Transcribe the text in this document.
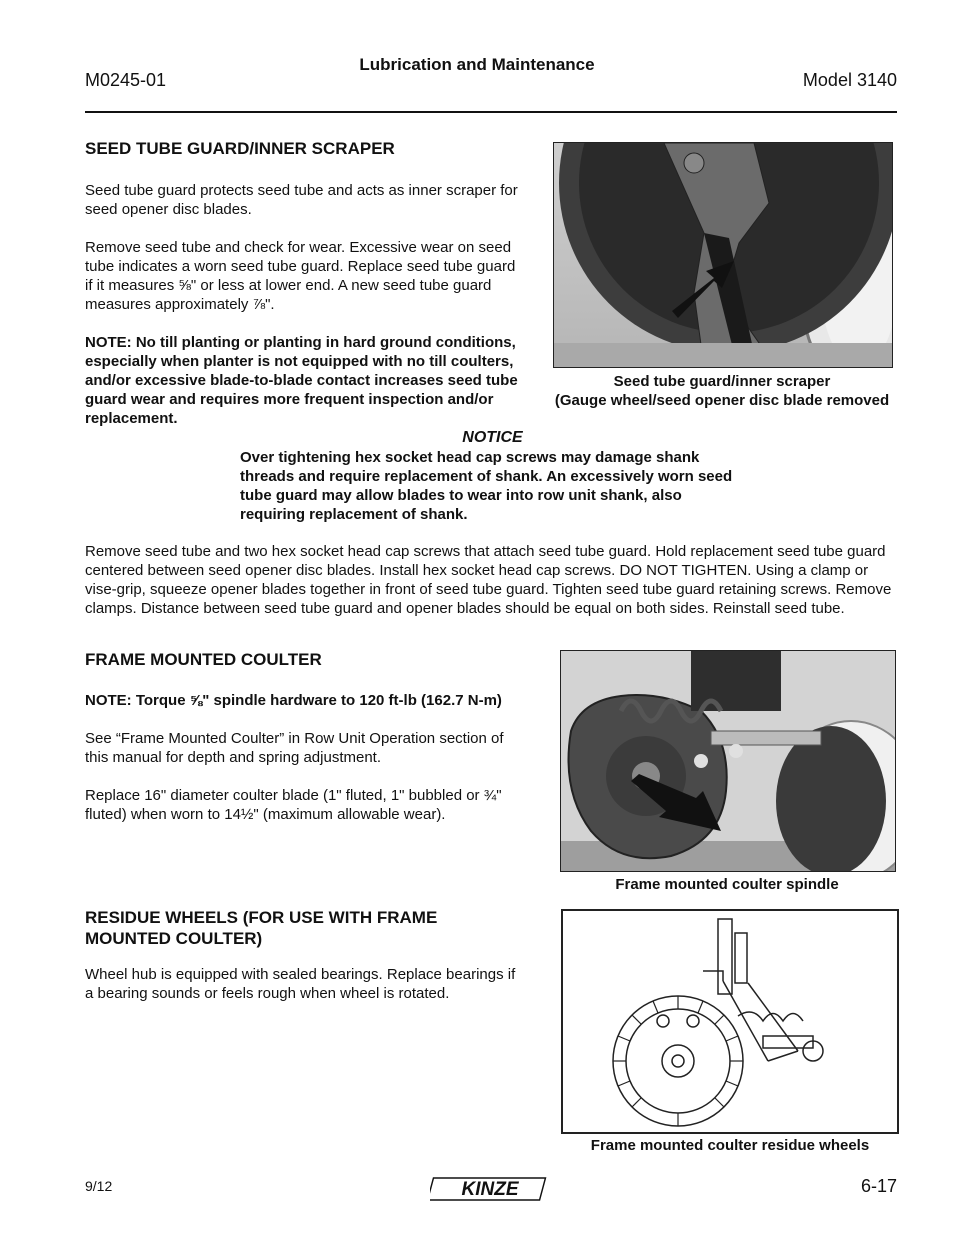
Lubrication and Maintenance
M0245-01	Model 3140
SEED TUBE GUARD/INNER SCRAPER

Seed tube guard protects seed tube and acts as inner scraper for seed opener disc blades.

Remove seed tube and check for wear. Excessive wear on seed tube indicates a worn seed tube guard. Replace seed tube guard if it measures ⅝" or less at lower end. A new seed tube guard measures approximately ⅞".

NOTE: No till planting or planting in hard ground conditions, especially when planter is not equipped with no till coulters, and/or excessive blade-to-blade contact increases seed tube guard wear and requires more frequent inspection and/or replacement.

Seed tube guard/inner scraper
(Gauge wheel/seed opener disc blade removed
NOTICE

Over tightening hex socket head cap screws may damage shank threads and require replacement of shank. An excessively worn seed tube guard may allow blades to wear into row unit shank, also requiring replacement of shank.

Remove seed tube and two hex socket head cap screws that attach seed tube guard. Hold replacement seed tube guard centered between seed opener disc blades. Install hex socket head cap screws. DO NOT TIGHTEN. Using a clamp or vise-grip, squeeze opener blades together in front of seed tube guard. Tighten seed tube guard retaining screws. Remove clamps. Distance between seed tube guard and opener blades should be equal on both sides. Reinstall seed tube.

FRAME MOUNTED COULTER

NOTE: Torque ⅝" spindle hardware to 120 ft-lb (162.7 N-m)

See “Frame Mounted Coulter” in Row Unit Operation section of this manual for depth and spring adjustment.

Replace 16" diameter coulter blade (1" fluted, 1" bubbled or ¾" fluted) when worn to 14½" (maximum allowable wear).

Frame mounted coulter spindle
RESIDUE WHEELS (FOR USE WITH FRAME MOUNTED COULTER)

Wheel hub is equipped with sealed bearings. Replace bearings if a bearing sounds or feels rough when wheel is rotated.

Frame mounted coulter residue wheels
9/12	KINZE	6-17
